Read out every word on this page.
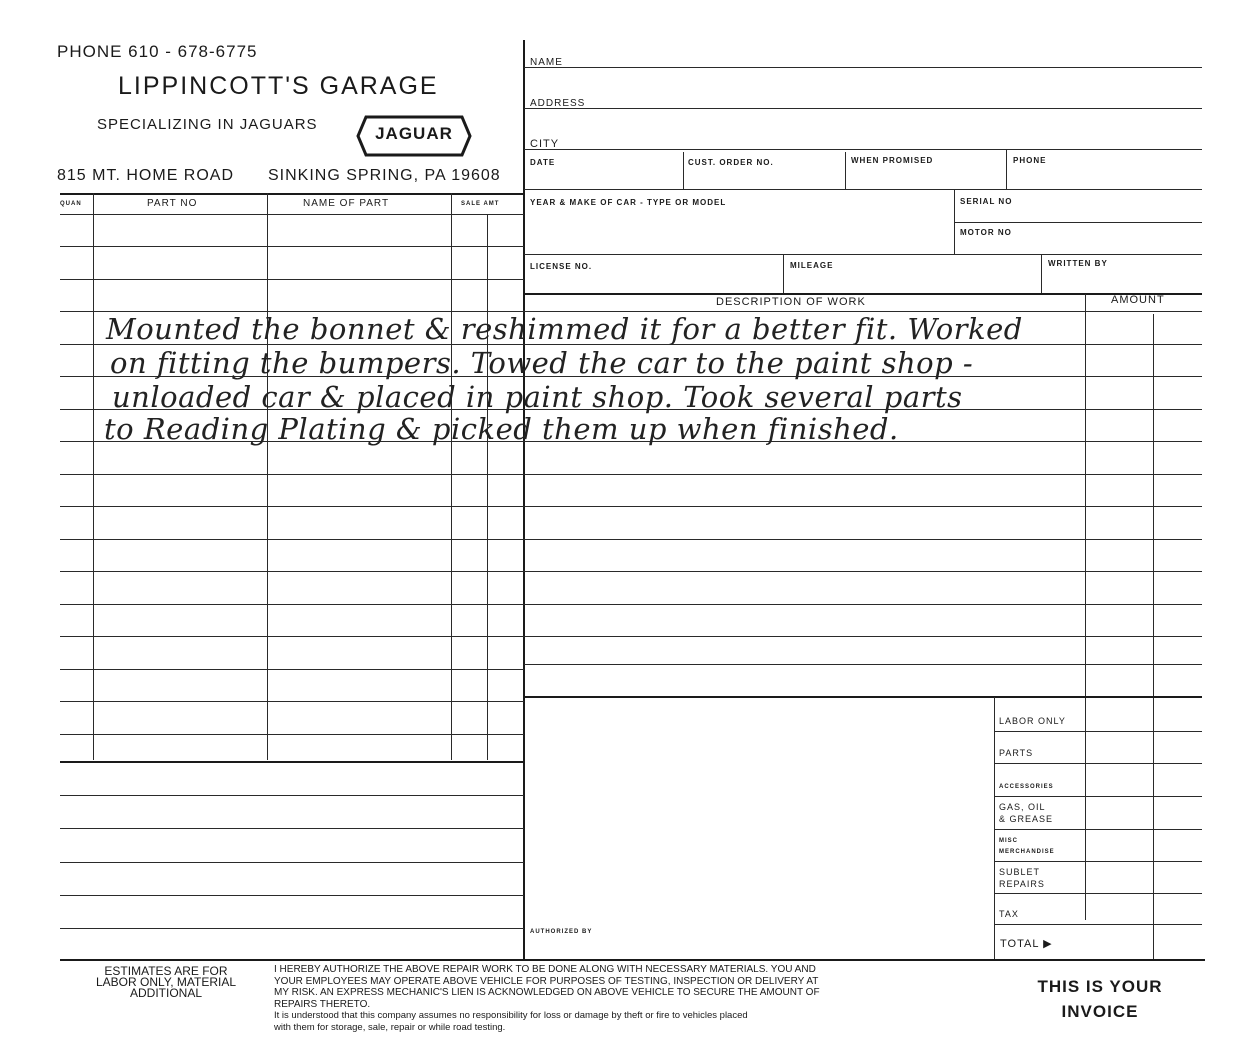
PHONE 610 - 678-6775
LIPPINCOTT'S GARAGE
SPECIALIZING IN JAGUARS	JAGUAR
815 MT. HOME ROAD SINKING SPRING, PA 19608
QUAN	PART NO	NAME OF PART	SALE AMT
NAME
ADDRESS
CITY
DATE	CUST. ORDER NO.	WHEN PROMISED	PHONE
YEAR & MAKE OF CAR - TYPE OR MODEL	SERIAL NO
MOTOR NO
LICENSE NO.	MILEAGE	WRITTEN BY
DESCRIPTION OF WORK	AMOUNT
Mounted the bonnet & reshimmed it for a better fit. Worked
on fitting the bumpers. Towed the car to the paint shop -
unloaded car & placed in paint shop. Took several parts
to Reading Plating & picked them up when finished.
LABOR ONLY
PARTS
ACCESSORIES
GAS, OIL
& GREASE
MISC
MERCHANDISE
SUBLET
REPAIRS
TAX
TOTAL ▶
AUTHORIZED BY
ESTIMATES ARE FOR
LABOR ONLY, MATERIAL
ADDITIONAL
I HEREBY AUTHORIZE THE ABOVE REPAIR WORK TO BE DONE ALONG WITH NECESSARY MATERIALS. YOU AND
YOUR EMPLOYEES MAY OPERATE ABOVE VEHICLE FOR PURPOSES OF TESTING, INSPECTION OR DELIVERY AT
MY RISK. AN EXPRESS MECHANIC'S LIEN IS ACKNOWLEDGED ON ABOVE VEHICLE TO SECURE THE AMOUNT OF
REPAIRS THERETO.
It is understood that this company assumes no responsibility for loss or damage by theft or fire to vehicles placed
with them for storage, sale, repair or while road testing.
THIS IS YOUR
INVOICE
